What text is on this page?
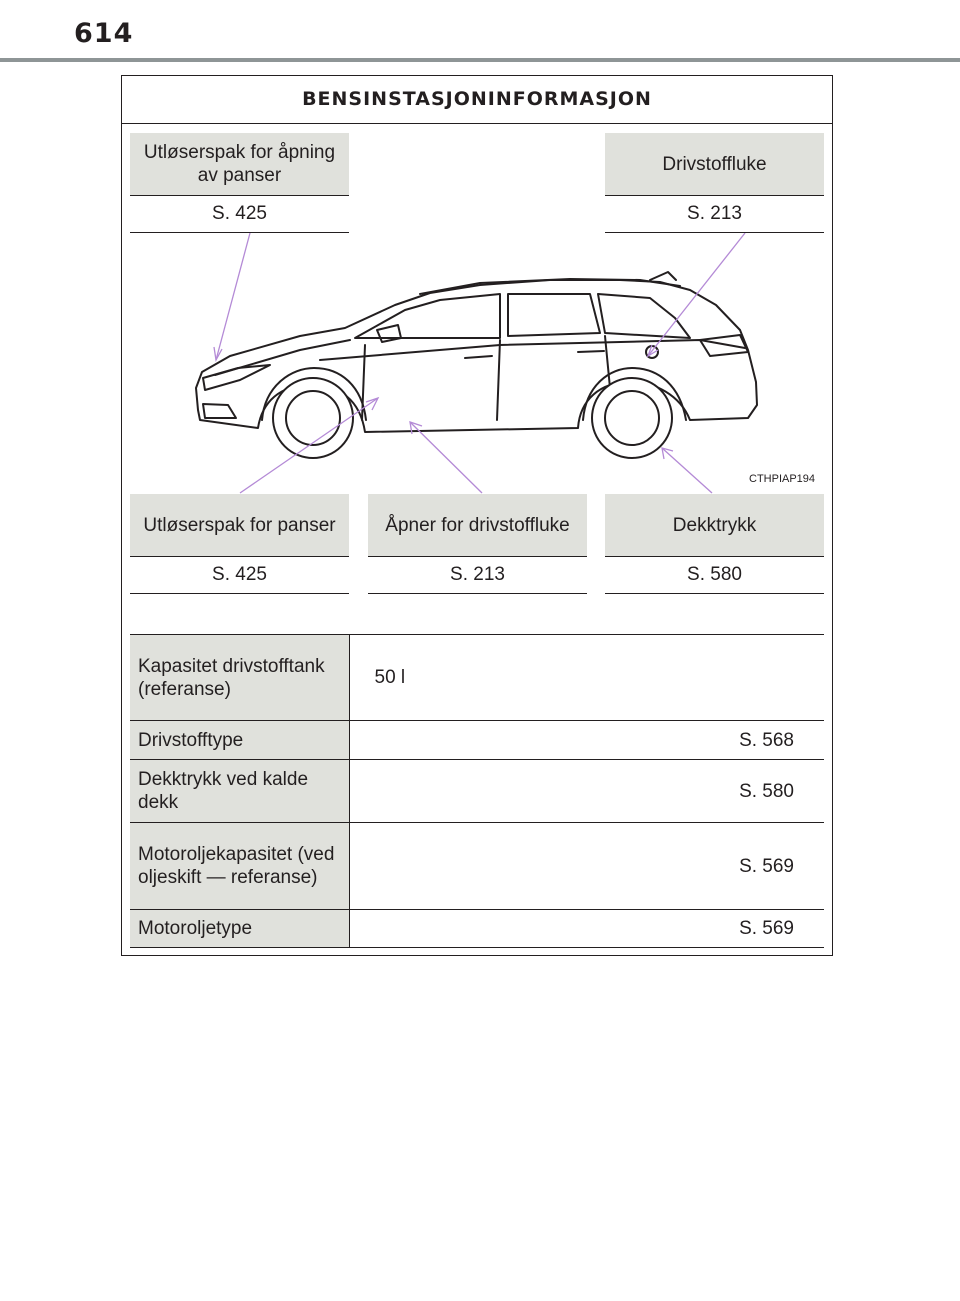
614
BENSINSTASJONINFORMASJON
CTHPIAP194
Utløserspak for åpning av panser
S. 425
Drivstoffluke
S. 213
Utløserspak for panser
S. 425
Åpner for drivstoffluke
S. 213
Dekktrykk
S. 580
Kapasitet drivstofftank (referanse)	50 l
Drivstofftype	S. 568
Dekktrykk ved kalde dekk	S. 580
Motoroljekapasitet (ved oljeskift — referanse)	S. 569
Motoroljetype	S. 569
